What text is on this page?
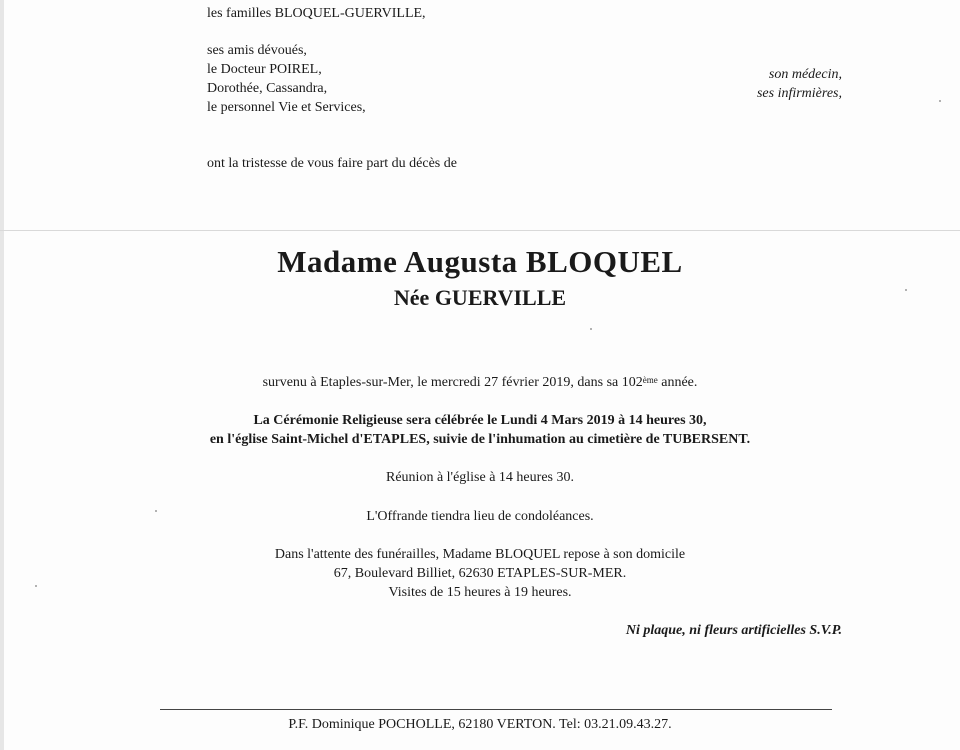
les familles BLOQUEL-GUERVILLE,
ses amis dévoués,
le Docteur POIREL,
Dorothée, Cassandra,
le personnel Vie et Services,
son médecin,
ses infirmières,
ont la tristesse de vous faire part du décès de
Madame Augusta BLOQUEL
Née GUERVILLE
survenu à Etaples-sur-Mer, le mercredi 27 février 2019, dans sa 102ème année.
La Cérémonie Religieuse sera célébrée le Lundi 4 Mars 2019 à 14 heures 30,
en l'église Saint-Michel d'ETAPLES, suivie de l'inhumation au cimetière de TUBERSENT.
Réunion à l'église à 14 heures 30.
L'Offrande tiendra lieu de condoléances.
Dans l'attente des funérailles, Madame BLOQUEL repose à son domicile
67, Boulevard Billiet, 62630 ETAPLES-SUR-MER.
Visites de 15 heures à 19 heures.
Ni plaque, ni fleurs artificielles S.V.P.
P.F. Dominique POCHOLLE, 62180 VERTON. Tel: 03.21.09.43.27.
